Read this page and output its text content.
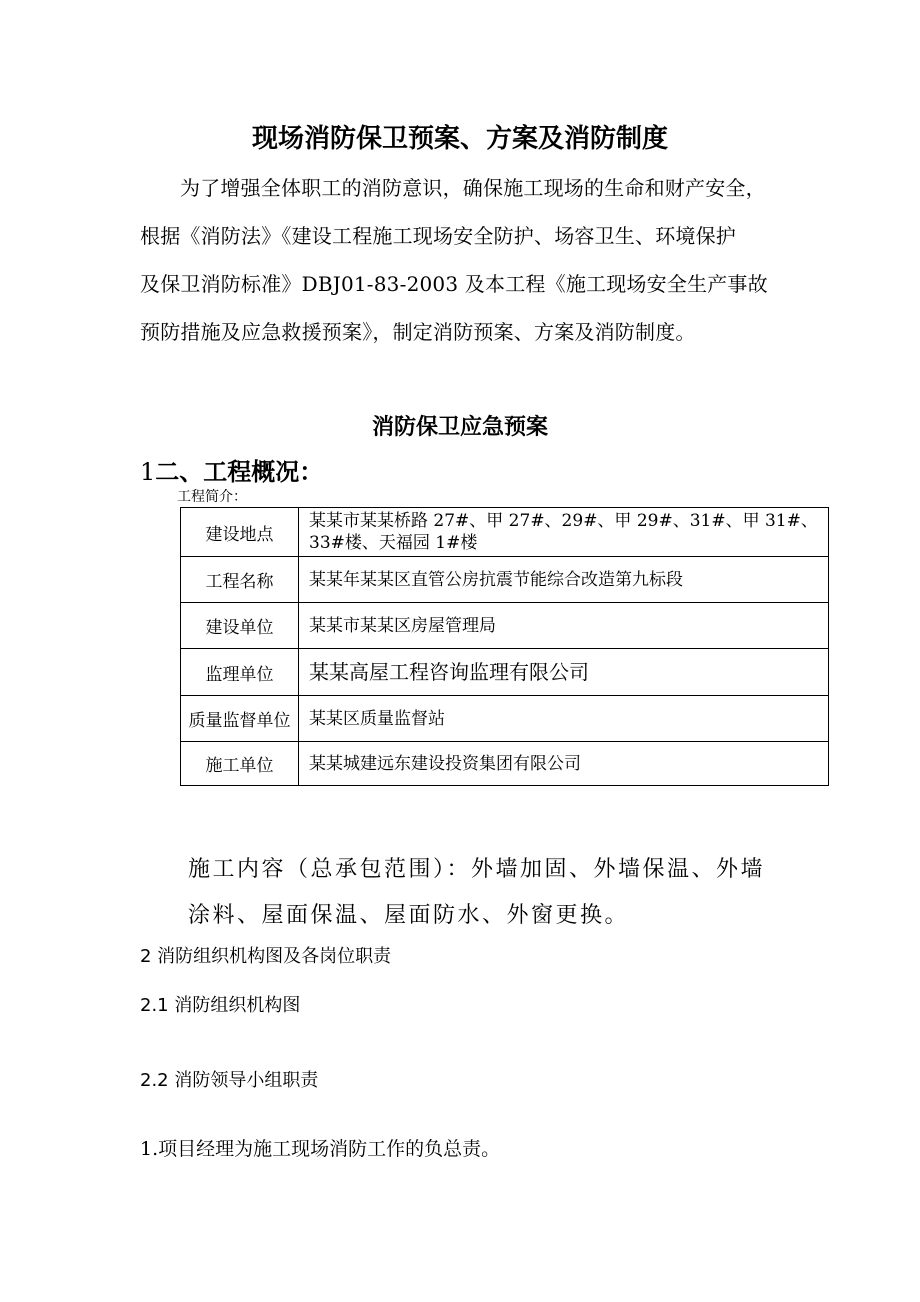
现场消防保卫预案、方案及消防制度
为了增强全体职工的消防意识，确保施工现场的生命和财产安全，
根据《消防法》《建设工程施工现场安全防护、场容卫生、环境保护
及保卫消防标准》DBJ01-83-2003 及本工程《施工现场安全生产事故
预防措施及应急救援预案》，制定消防预案、方案及消防制度。
消防保卫应急预案
1二、工程概况：
工程简介：
建设地点	某某市某某桥路 27#、甲 27#、29#、甲 29#、31#、甲 31#、33#楼、天福园 1#楼
工程名称	某某年某某区直管公房抗震节能综合改造第九标段
建设单位	某某市某某区房屋管理局
监理单位	某某高屋工程咨询监理有限公司
质量监督单位	某某区质量监督站
施工单位	某某城建远东建设投资集团有限公司
施工内容（总承包范围）：外墙加固、外墙保温、外墙
涂料、屋面保温、屋面防水、外窗更换。
2 消防组织机构图及各岗位职责
2.1 消防组织机构图
2.2 消防领导小组职责
1.项目经理为施工现场消防工作的负总责。
